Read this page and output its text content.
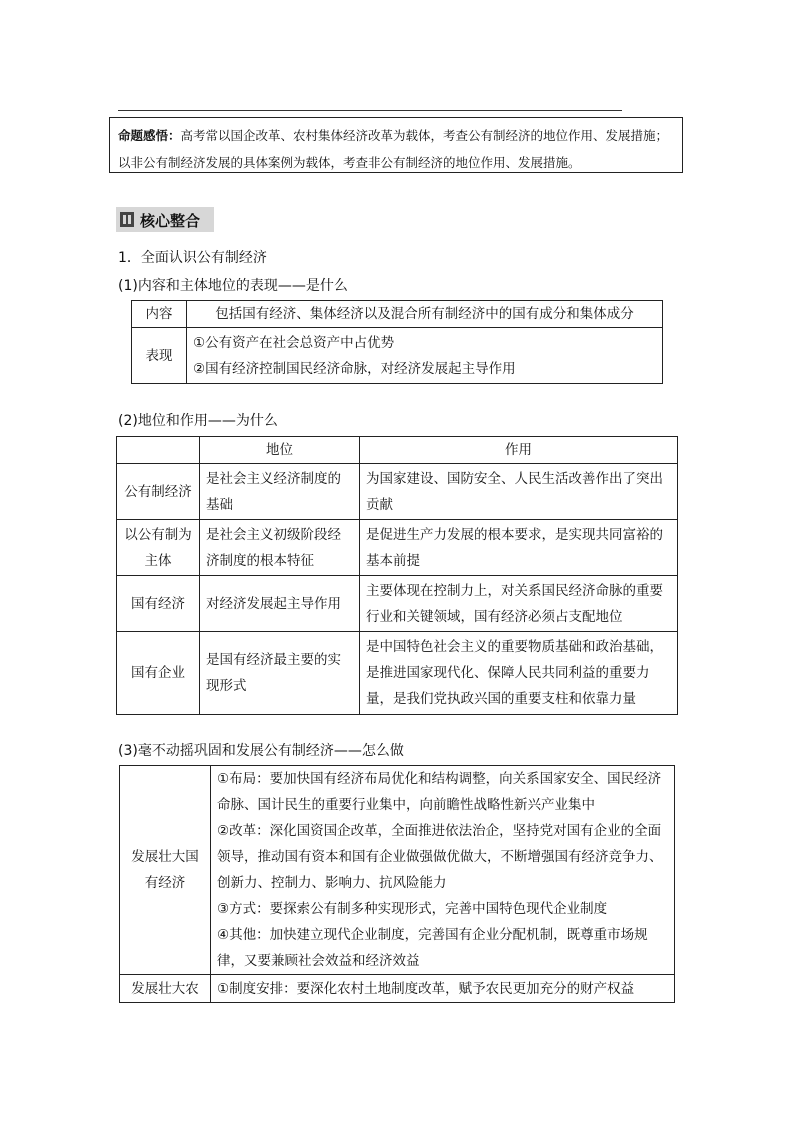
命题感悟：高考常以国企改革、农村集体经济改革为载体，考查公有制经济的地位作用、发展措施；以非公有制经济发展的具体案例为载体，考查非公有制经济的地位作用、发展措施。
核心整合
1．全面认识公有制经济
(1)内容和主体地位的表现——是什么
内容	包括国有经济、集体经济以及混合所有制经济中的国有成分和集体成分
表现	①公有资产在社会总资产中占优势
②国有经济控制国民经济命脉，对经济发展起主导作用
(2)地位和作用——为什么
	地位	作用
公有制经济	是社会主义经济制度的基础	为国家建设、国防安全、人民生活改善作出了突出贡献
以公有制为主体	是社会主义初级阶段经济制度的根本特征	是促进生产力发展的根本要求，是实现共同富裕的基本前提
国有经济	对经济发展起主导作用	主要体现在控制力上，对关系国民经济命脉的重要行业和关键领域，国有经济必须占支配地位
国有企业	是国有经济最主要的实现形式	是中国特色社会主义的重要物质基础和政治基础，是推进国家现代化、保障人民共同利益的重要力量，是我们党执政兴国的重要支柱和依靠力量
(3)毫不动摇巩固和发展公有制经济——怎么做
发展壮大国有经济	①布局：要加快国有经济布局优化和结构调整，向关系国家安全、国民经济命脉、国计民生的重要行业集中，向前瞻性战略性新兴产业集中
②改革：深化国资国企改革，全面推进依法治企，坚持党对国有企业的全面领导，推动国有资本和国有企业做强做优做大，不断增强国有经济竞争力、创新力、控制力、影响力、抗风险能力
③方式：要探索公有制多种实现形式，完善中国特色现代企业制度
④其他：加快建立现代企业制度，完善国有企业分配机制，既尊重市场规律，又要兼顾社会效益和经济效益

发展壮大农	①制度安排：要深化农村土地制度改革，赋予农民更加充分的财产权益
